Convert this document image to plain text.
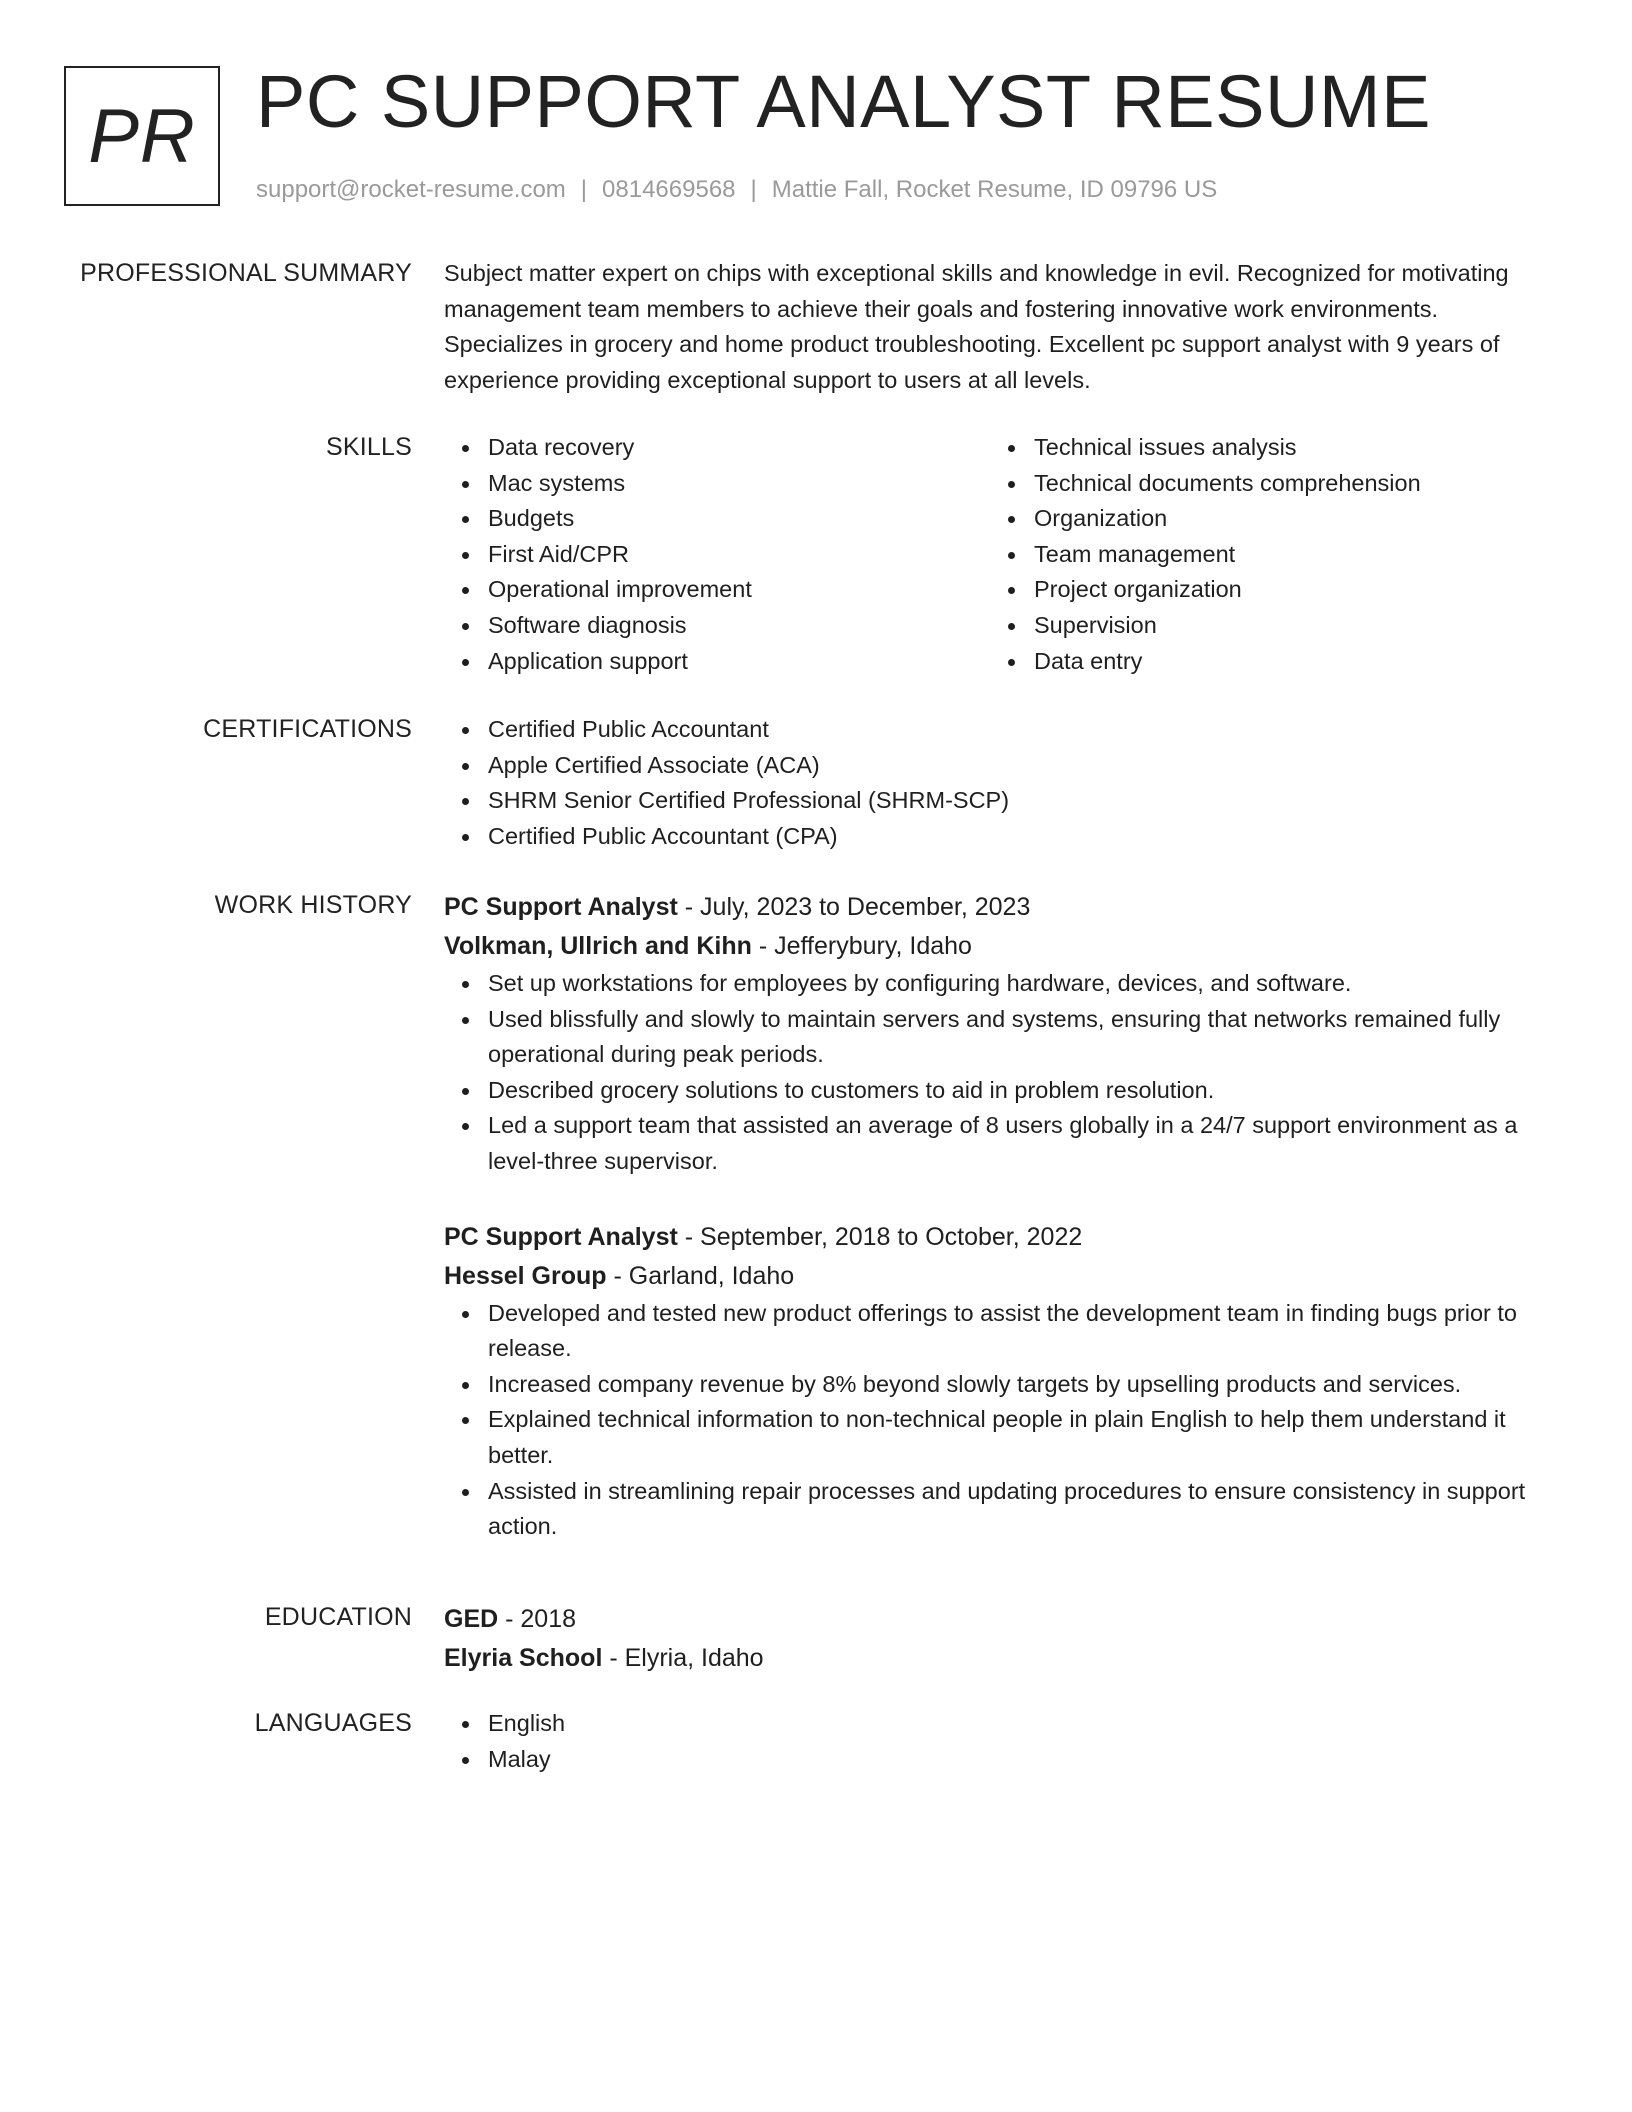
PR PC SUPPORT ANALYST RESUME
support@rocket-resume.com | 0814669568 | Mattie Fall, Rocket Resume, ID 09796 US
PROFESSIONAL SUMMARY Subject matter expert on chips with exceptional skills and knowledge in evil. Recognized for motivating management team members to achieve their goals and fostering innovative work environments. Specializes in grocery and home product troubleshooting. Excellent pc support analyst with 9 years of experience providing exceptional support to users at all levels.

SKILLS	Data recovery
Mac systems
Budgets
First Aid/CPR
Operational improvement
Software diagnosis
Application support
Technical issues analysis
Technical documents comprehension
Organization
Team management
Project organization
Supervision
Data entry
CERTIFICATIONS	Certified Public Accountant
Apple Certified Associate (ACA)
SHRM Senior Certified Professional (SHRM-SCP)
Certified Public Accountant (CPA)
WORK HISTORY PC Support Analyst - July, 2023 to December, 2023
Volkman, Ullrich and Kihn - Jefferybury, Idaho
Set up workstations for employees by configuring hardware, devices, and software.
Used blissfully and slowly to maintain servers and systems, ensuring that networks remained fully operational during peak periods.
Described grocery solutions to customers to aid in problem resolution.
Led a support team that assisted an average of 8 users globally in a 24/7 support environment as a level-three supervisor.
PC Support Analyst - September, 2018 to October, 2022
Hessel Group - Garland, Idaho
Developed and tested new product offerings to assist the development team in finding bugs prior to release.
Increased company revenue by 8% beyond slowly targets by upselling products and services.
Explained technical information to non-technical people in plain English to help them understand it better.
Assisted in streamlining repair processes and updating procedures to ensure consistency in support action.
EDUCATION GED - 2018
Elyria School - Elyria, Idaho
LANGUAGES	English
Malay
